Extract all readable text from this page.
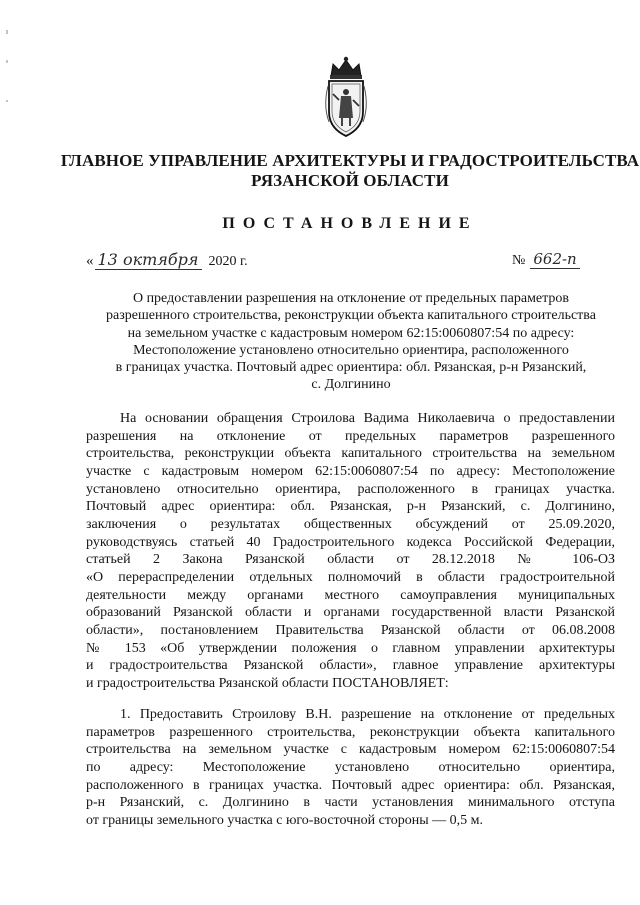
ГЛАВНОЕ УПРАВЛЕНИЕ АРХИТЕКТУРЫ И ГРАДОСТРОИТЕЛЬСТВА
РЯЗАНСКОЙ ОБЛАСТИ
ПОСТАНОВЛЕНИЕ
« 13 октября 2020 г.	№ 662-п
О предоставлении разрешения на отклонение от предельных параметров
разрешенного строительства, реконструкции объекта капитального строительства
на земельном участке с кадастровым номером 62:15:0060807:54 по адресу:
Местоположение установлено относительно ориентира, расположенного
в границах участка. Почтовый адрес ориентира: обл. Рязанская, р-н Рязанский,
с. Долгинино
На основании обращения Строилова Вадима Николаевича о предоставлении
разрешения на отклонение от предельных параметров разрешенного
строительства, реконструкции объекта капитального строительства на земельном
участке с кадастровым номером 62:15:0060807:54 по адресу: Местоположение
установлено относительно ориентира, расположенного в границах участка.
Почтовый адрес ориентира: обл. Рязанская, р-н Рязанский, с. Долгинино,
заключения о результатах общественных обсуждений от 25.09.2020,
руководствуясь статьей 40 Градостроительного кодекса Российской Федерации,
статьей 2 Закона Рязанской области от 28.12.2018 № 106-ОЗ
«О перераспределении отдельных полномочий в области градостроительной
деятельности между органами местного самоуправления муниципальных
образований Рязанской области и органами государственной власти Рязанской
области», постановлением Правительства Рязанской области от 06.08.2008
№ 153 «Об утверждении положения о главном управлении архитектуры
и градостроительства Рязанской области», главное управление архитектуры
и градостроительства Рязанской области ПОСТАНОВЛЯЕТ:
1. Предоставить Строилову В.Н. разрешение на отклонение от предельных
параметров разрешенного строительства, реконструкции объекта капитального
строительства на земельном участке с кадастровым номером 62:15:0060807:54
по адресу: Местоположение установлено относительно ориентира,
расположенного в границах участка. Почтовый адрес ориентира: обл. Рязанская,
р-н Рязанский, с. Долгинино в части установления минимального отступа
от границы земельного участка с юго-восточной стороны — 0,5 м.
